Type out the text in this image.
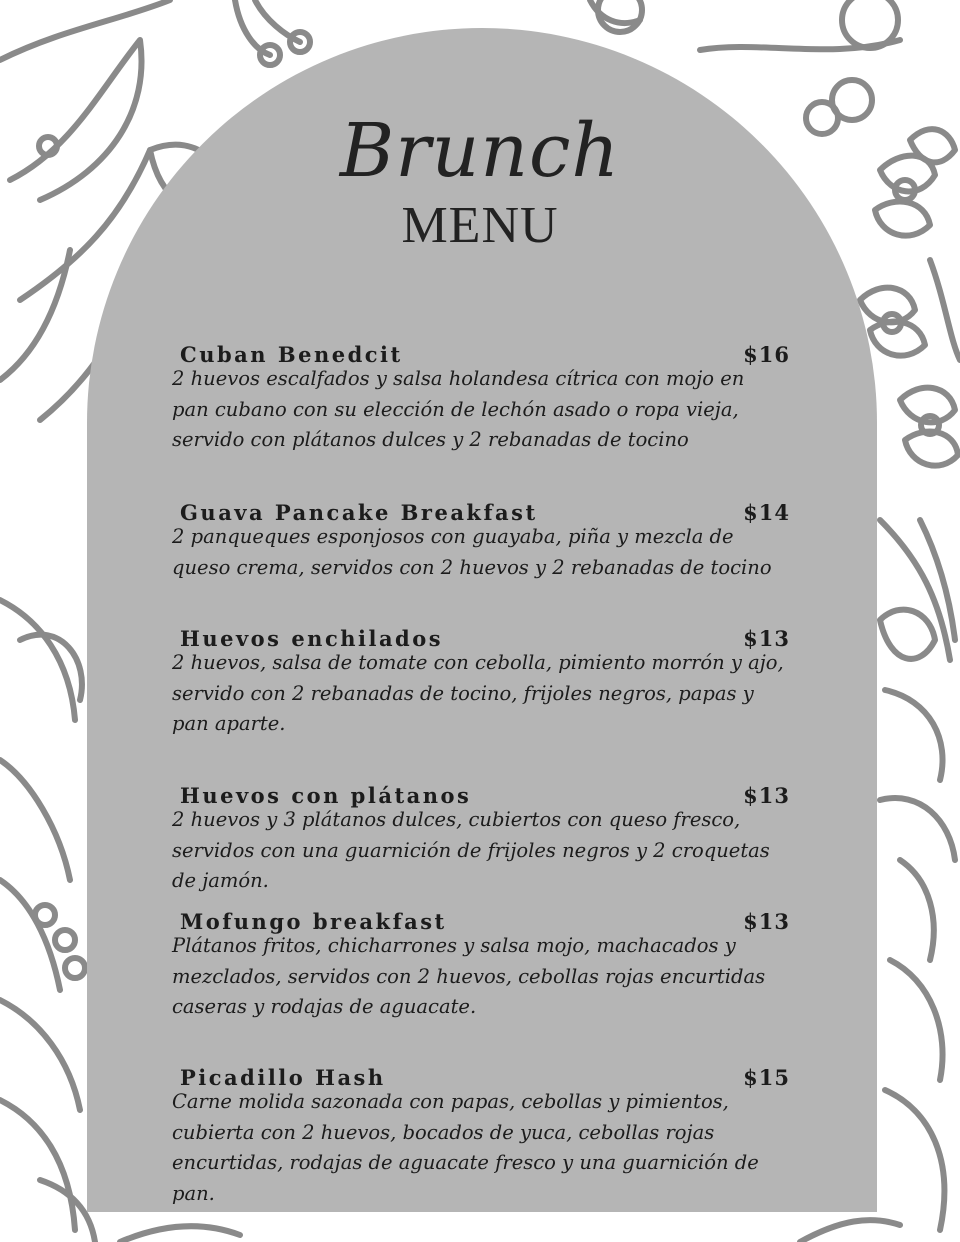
Brunch
MENU
Cuban Benedcit	$16
2 huevos escalfados y salsa holandesa cítrica con mojo en pan cubano con su elección de lechón asado o ropa vieja, servido con plátanos dulces y 2 rebanadas de tocino
Guava Pancake Breakfast	$14
2 panqueques esponjosos con guayaba, piña y mezcla de queso crema, servidos con 2 huevos y 2 rebanadas de tocino
Huevos enchilados	$13
2 huevos, salsa de tomate con cebolla, pimiento morrón y ajo, servido con 2 rebanadas de tocino, frijoles negros, papas y pan aparte.
Huevos con plátanos	$13
2 huevos y 3 plátanos dulces, cubiertos con queso fresco, servidos con una guarnición de frijoles negros y 2 croquetas de jamón.
Mofungo breakfast	$13
Plátanos fritos, chicharrones y salsa mojo, machacados y mezclados, servidos con 2 huevos, cebollas rojas encurtidas caseras y rodajas de aguacate.
Picadillo Hash	$15
Carne molida sazonada con papas, cebollas y pimientos, cubierta con 2 huevos, bocados de yuca, cebollas rojas encurtidas, rodajas de aguacate fresco y una guarnición de pan.
